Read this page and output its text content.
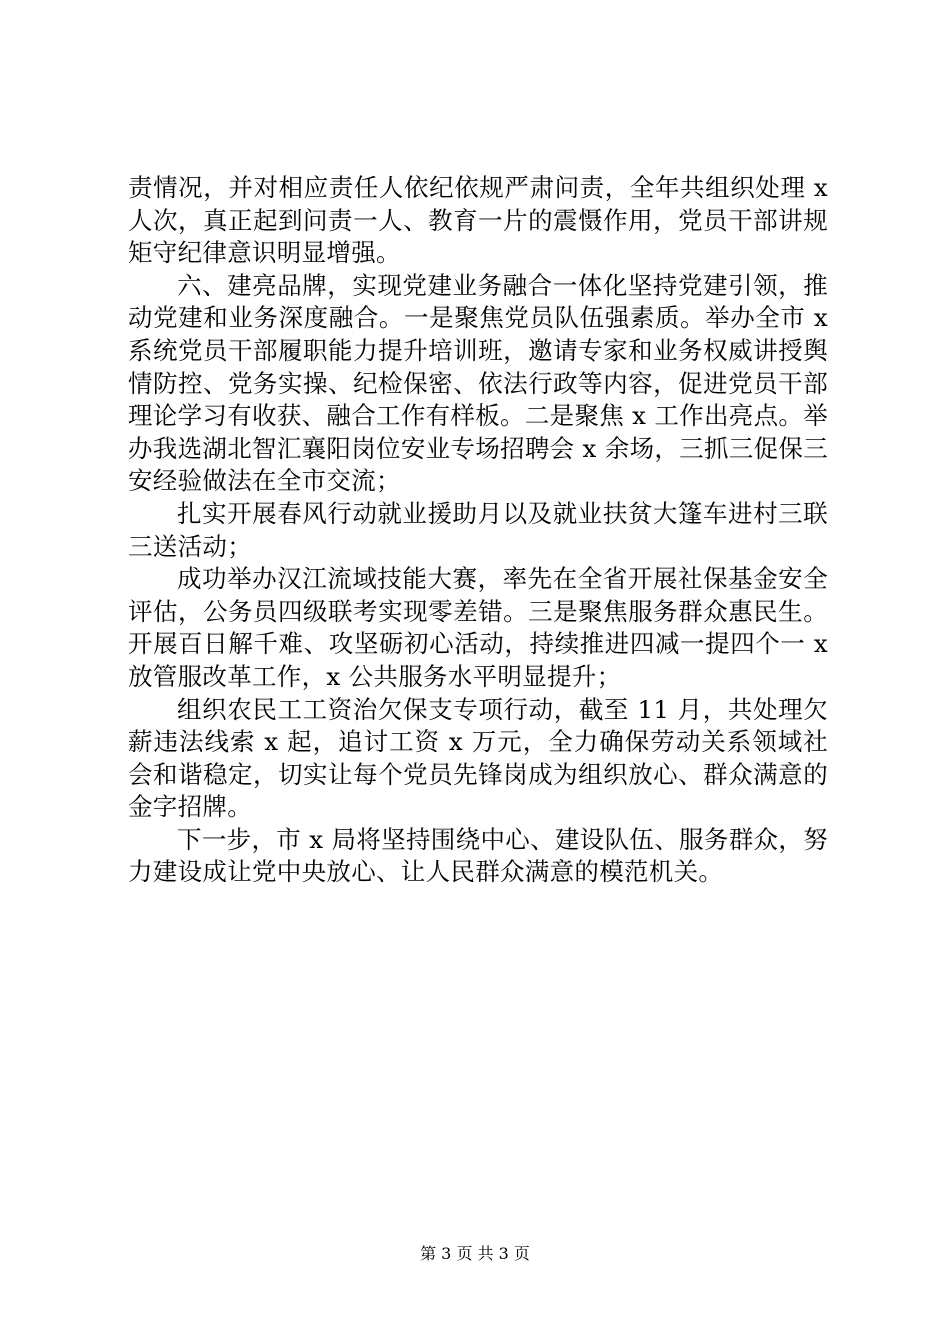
责情况，并对相应责任人依纪依规严肃问责，全年共组织处理 x 人次，真正起到问责一人、教育一片的震慑作用，党员干部讲规矩守纪律意识明显增强。

六、建亮品牌，实现党建业务融合一体化坚持党建引领，推动党建和业务深度融合。一是聚焦党员队伍强素质。举办全市 x 系统党员干部履职能力提升培训班，邀请专家和业务权威讲授舆情防控、党务实操、纪检保密、依法行政等内容，促进党员干部理论学习有收获、融合工作有样板。二是聚焦 x 工作出亮点。举办我选湖北智汇襄阳岗位安业专场招聘会 x 余场，三抓三促保三安经验做法在全市交流；

扎实开展春风行动就业援助月以及就业扶贫大篷车进村三联三送活动；

成功举办汉江流域技能大赛，率先在全省开展社保基金安全评估，公务员四级联考实现零差错。三是聚焦服务群众惠民生。开展百日解千难、攻坚砺初心活动，持续推进四减一提四个一 x 放管服改革工作，x 公共服务水平明显提升；

组织农民工工资治欠保支专项行动，截至 11 月，共处理欠薪违法线索 x 起，追讨工资 x 万元，全力确保劳动关系领域社会和谐稳定，切实让每个党员先锋岗成为组织放心、群众满意的金字招牌。

下一步，市 x 局将坚持围绕中心、建设队伍、服务群众，努力建设成让党中央放心、让人民群众满意的模范机关。

第 3 页 共 3 页
